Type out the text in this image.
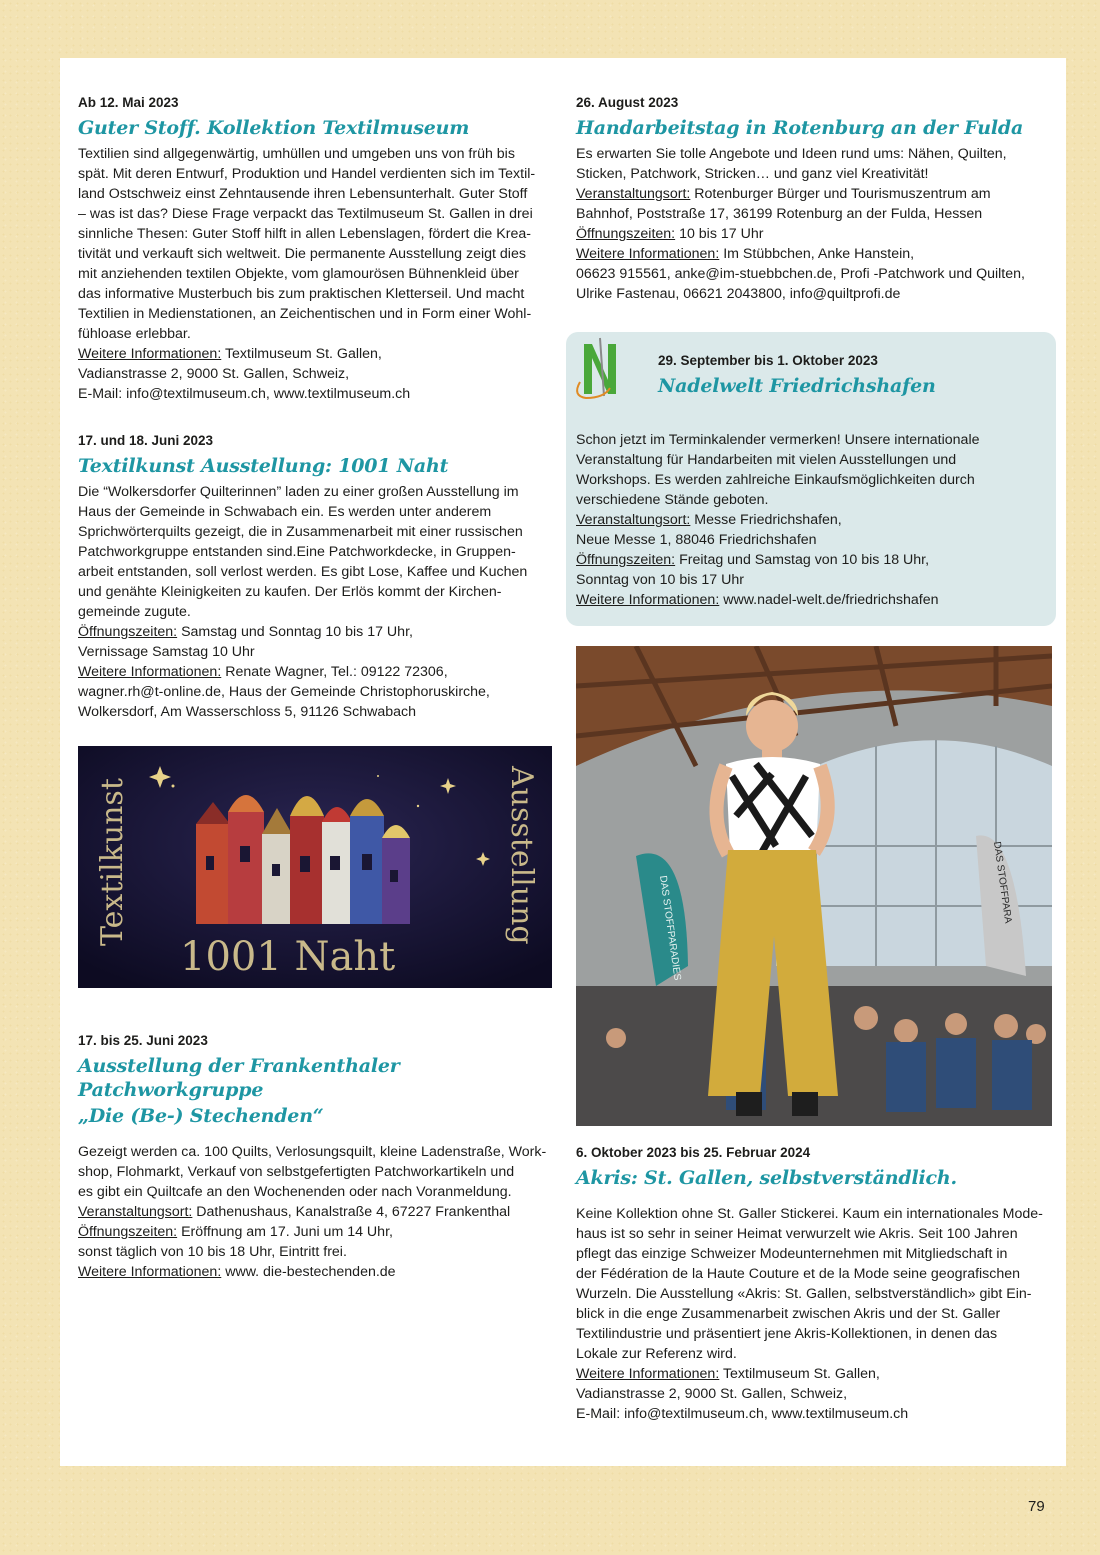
Ab 12. Mai 2023
Guter Stoff. Kollektion Textilmuseum

Textilien sind allgegenwärtig, umhüllen und umgeben uns von früh bis

spät. Mit deren Entwurf, Produktion und Handel verdienten sich im Textil-

land Ostschweiz einst Zehntausende ihren Lebensunterhalt. Guter Stoff

– was ist das? Diese Frage verpackt das Textilmuseum St. Gallen in drei

sinnliche Thesen: Guter Stoff hilft in allen Lebenslagen, fördert die Krea-

tivität und verkauft sich weltweit. Die permanente Ausstellung zeigt dies

mit anziehenden textilen Objekte, vom glamourösen Bühnenkleid über

das informative Musterbuch bis zum praktischen Kletterseil. Und macht

Textilien in Medienstationen, an Zeichentischen und in Form einer Wohl-

fühloase erlebbar.

Weitere Informationen: Textilmuseum St. Gallen,

Vadianstrasse 2, 9000 St. Gallen, Schweiz,

E-Mail: info@textilmuseum.ch, www.textilmuseum.ch

17. und 18. Juni 2023
Textilkunst Ausstellung: 1001 Naht

Die “Wolkersdorfer Quilterinnen” laden zu einer großen Ausstellung im

Haus der Gemeinde in Schwabach ein. Es werden unter anderem

Sprichwörterquilts gezeigt, die in Zusammenarbeit mit einer russischen

Patchworkgruppe entstanden sind.Eine Patchworkdecke, in Gruppen-

arbeit entstanden, soll verlost werden. Es gibt Lose, Kaffee und Kuchen

und genähte Kleinigkeiten zu kaufen. Der Erlös kommt der Kirchen-

gemeinde zugute.

Öffnungszeiten: Samstag und Sonntag 10 bis 17 Uhr,

Vernissage Samstag 10 Uhr

Weitere Informationen: Renate Wagner, Tel.: 09122 72306,

wagner.rh@t-online.de, Haus der Gemeinde Christophoruskirche,

Wolkersdorf, Am Wasserschloss 5, 91126 Schwabach

Textilkunst	Ausstellung
1001 Naht
17. bis 25. Juni 2023
Ausstellung der Frankenthaler Patchworkgruppe
„Die (Be-) Stechenden“

Gezeigt werden ca. 100 Quilts, Verlosungsquilt, kleine Ladenstraße, Work-

shop, Flohmarkt, Verkauf von selbstgefertigten Patchworkartikeln und

es gibt ein Quiltcafe an den Wochenenden oder nach Voranmeldung.

Veranstaltungsort: Dathenushaus, Kanalstraße 4, 67227 Frankenthal

Öffnungszeiten: Eröffnung am 17. Juni um 14 Uhr,

sonst täglich von 10 bis 18 Uhr, Eintritt frei.

Weitere Informationen: www. die-bestechenden.de

26. August 2023
Handarbeitstag in Rotenburg an der Fulda

Es erwarten Sie tolle Angebote und Ideen rund ums: Nähen, Quilten,

Sticken, Patchwork, Stricken… und ganz viel Kreativität!

Veranstaltungsort: Rotenburger Bürger und Tourismuszentrum am

Bahnhof, Poststraße 17, 36199 Rotenburg an der Fulda, Hessen

Öffnungszeiten: 10 bis 17 Uhr

Weitere Informationen: Im Stübbchen, Anke Hanstein,

06623 915561, anke@im-stuebbchen.de, Profi -Patchwork und Quilten,

Ulrike Fastenau, 06621 2043800, info@quiltprofi.de

29. September bis 1. Oktober 2023
Nadelwelt Friedrichshafen

Schon jetzt im Terminkalender vermerken! Unsere internationale

Veranstaltung für Handarbeiten mit vielen Ausstellungen und

Workshops. Es werden zahlreiche Einkaufsmöglichkeiten durch

verschiedene Stände geboten.

Veranstaltungsort: Messe Friedrichshafen,

Neue Messe 1, 88046 Friedrichshafen

Öffnungszeiten: Freitag und Samstag von 10 bis 18 Uhr,

Sonntag von 10 bis 17 Uhr

Weitere Informationen: www.nadel-welt.de/friedrichshafen

DAS STOFFPARADIES	DAS STOFFPARA
6. Oktober 2023 bis 25. Februar 2024
Akris: St. Gallen, selbstverständlich.

Keine Kollektion ohne St. Galler Stickerei. Kaum ein internationales Mode-

haus ist so sehr in seiner Heimat verwurzelt wie Akris. Seit 100 Jahren

pflegt das einzige Schweizer Modeunternehmen mit Mitgliedschaft in

der Fédération de la Haute Couture et de la Mode seine geografischen

Wurzeln. Die Ausstellung «Akris: St. Gallen, selbstverständlich» gibt Ein-

blick in die enge Zusammenarbeit zwischen Akris und der St. Galler

Textilindustrie und präsentiert jene Akris-Kollektionen, in denen das

Lokale zur Referenz wird.

Weitere Informationen: Textilmuseum St. Gallen,

Vadianstrasse 2, 9000 St. Gallen, Schweiz,

E-Mail: info@textilmuseum.ch, www.textilmuseum.ch

79
